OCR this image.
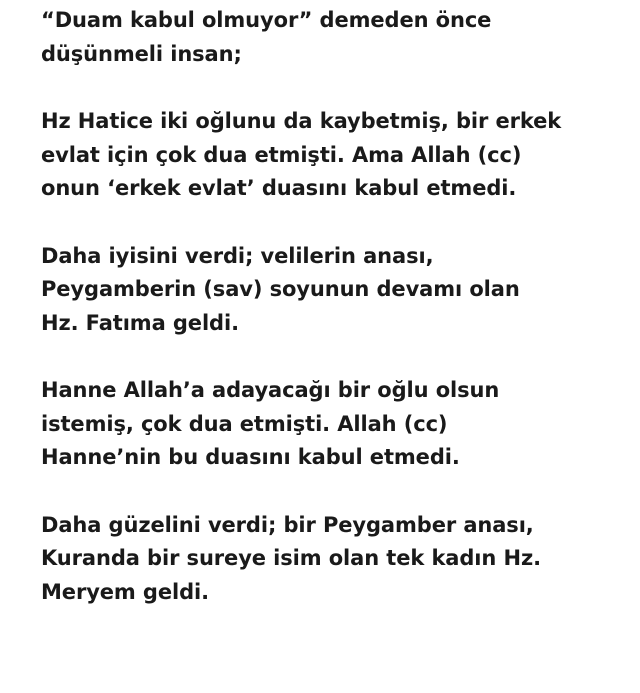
“Duam kabul olmuyor” demeden önce
düşünmeli insan;

Hz Hatice iki oğlunu da kaybetmiş, bir erkek
evlat için çok dua etmişti. Ama Allah (cc)
onun ‘erkek evlat’ duasını kabul etmedi.

Daha iyisini verdi; velilerin anası,
Peygamberin (sav) soyunun devamı olan
Hz. Fatıma geldi.

Hanne Allah’a adayacağı bir oğlu olsun
istemiş, çok dua etmişti. Allah (cc)
Hanne’nin bu duasını kabul etmedi.

Daha güzelini verdi; bir Peygamber anası,
Kuranda bir sureye isim olan tek kadın Hz.
Meryem geldi.
